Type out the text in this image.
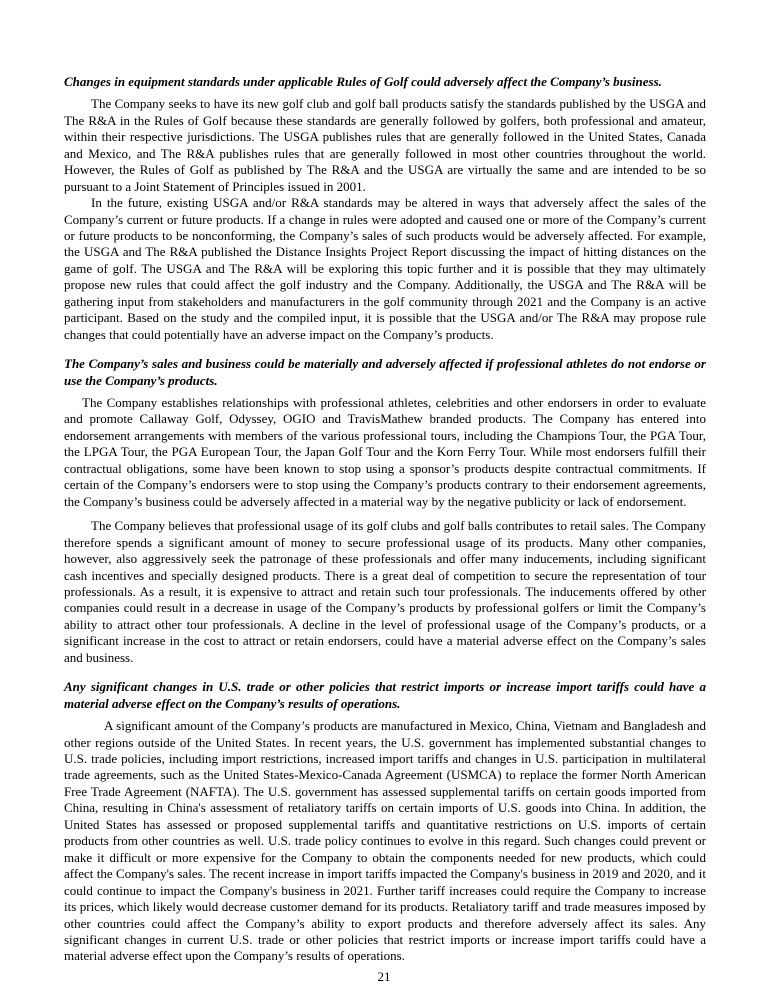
Changes in equipment standards under applicable Rules of Golf could adversely affect the Company’s business.

The Company seeks to have its new golf club and golf ball products satisfy the standards published by the USGA and The R&A in the Rules of Golf because these standards are generally followed by golfers, both professional and amateur, within their respective jurisdictions. The USGA publishes rules that are generally followed in the United States, Canada and Mexico, and The R&A publishes rules that are generally followed in most other countries throughout the world. However, the Rules of Golf as published by The R&A and the USGA are virtually the same and are intended to be so pursuant to a Joint Statement of Principles issued in 2001.

In the future, existing USGA and/or R&A standards may be altered in ways that adversely affect the sales of the Company’s current or future products. If a change in rules were adopted and caused one or more of the Company’s current or future products to be nonconforming, the Company’s sales of such products would be adversely affected. For example, the USGA and The R&A published the Distance Insights Project Report discussing the impact of hitting distances on the game of golf. The USGA and The R&A will be exploring this topic further and it is possible that they may ultimately propose new rules that could affect the golf industry and the Company. Additionally, the USGA and The R&A will be gathering input from stakeholders and manufacturers in the golf community through 2021 and the Company is an active participant. Based on the study and the compiled input, it is possible that the USGA and/or The R&A may propose rule changes that could potentially have an adverse impact on the Company’s products.

The Company’s sales and business could be materially and adversely affected if professional athletes do not endorse or use the Company’s products.

The Company establishes relationships with professional athletes, celebrities and other endorsers in order to evaluate and promote Callaway Golf, Odyssey, OGIO and TravisMathew branded products. The Company has entered into endorsement arrangements with members of the various professional tours, including the Champions Tour, the PGA Tour, the LPGA Tour, the PGA European Tour, the Japan Golf Tour and the Korn Ferry Tour. While most endorsers fulfill their contractual obligations, some have been known to stop using a sponsor’s products despite contractual commitments. If certain of the Company’s endorsers were to stop using the Company’s products contrary to their endorsement agreements, the Company’s business could be adversely affected in a material way by the negative publicity or lack of endorsement.

The Company believes that professional usage of its golf clubs and golf balls contributes to retail sales. The Company therefore spends a significant amount of money to secure professional usage of its products. Many other companies, however, also aggressively seek the patronage of these professionals and offer many inducements, including significant cash incentives and specially designed products. There is a great deal of competition to secure the representation of tour professionals. As a result, it is expensive to attract and retain such tour professionals. The inducements offered by other companies could result in a decrease in usage of the Company’s products by professional golfers or limit the Company’s ability to attract other tour professionals. A decline in the level of professional usage of the Company’s products, or a significant increase in the cost to attract or retain endorsers, could have a material adverse effect on the Company’s sales and business.

Any significant changes in U.S. trade or other policies that restrict imports or increase import tariffs could have a material adverse effect on the Company’s results of operations.

A significant amount of the Company’s products are manufactured in Mexico, China, Vietnam and Bangladesh and other regions outside of the United States. In recent years, the U.S. government has implemented substantial changes to U.S. trade policies, including import restrictions, increased import tariffs and changes in U.S. participation in multilateral trade agreements, such as the United States-Mexico-Canada Agreement (USMCA) to replace the former North American Free Trade Agreement (NAFTA). The U.S. government has assessed supplemental tariffs on certain goods imported from China, resulting in China's assessment of retaliatory tariffs on certain imports of U.S. goods into China. In addition, the United States has assessed or proposed supplemental tariffs and quantitative restrictions on U.S. imports of certain products from other countries as well. U.S. trade policy continues to evolve in this regard. Such changes could prevent or make it difficult or more expensive for the Company to obtain the components needed for new products, which could affect the Company's sales. The recent increase in import tariffs impacted the Company's business in 2019 and 2020, and it could continue to impact the Company's business in 2021. Further tariff increases could require the Company to increase its prices, which likely would decrease customer demand for its products. Retaliatory tariff and trade measures imposed by other countries could affect the Company’s ability to export products and therefore adversely affect its sales. Any significant changes in current U.S. trade or other policies that restrict imports or increase import tariffs could have a material adverse effect upon the Company’s results of operations.

21
